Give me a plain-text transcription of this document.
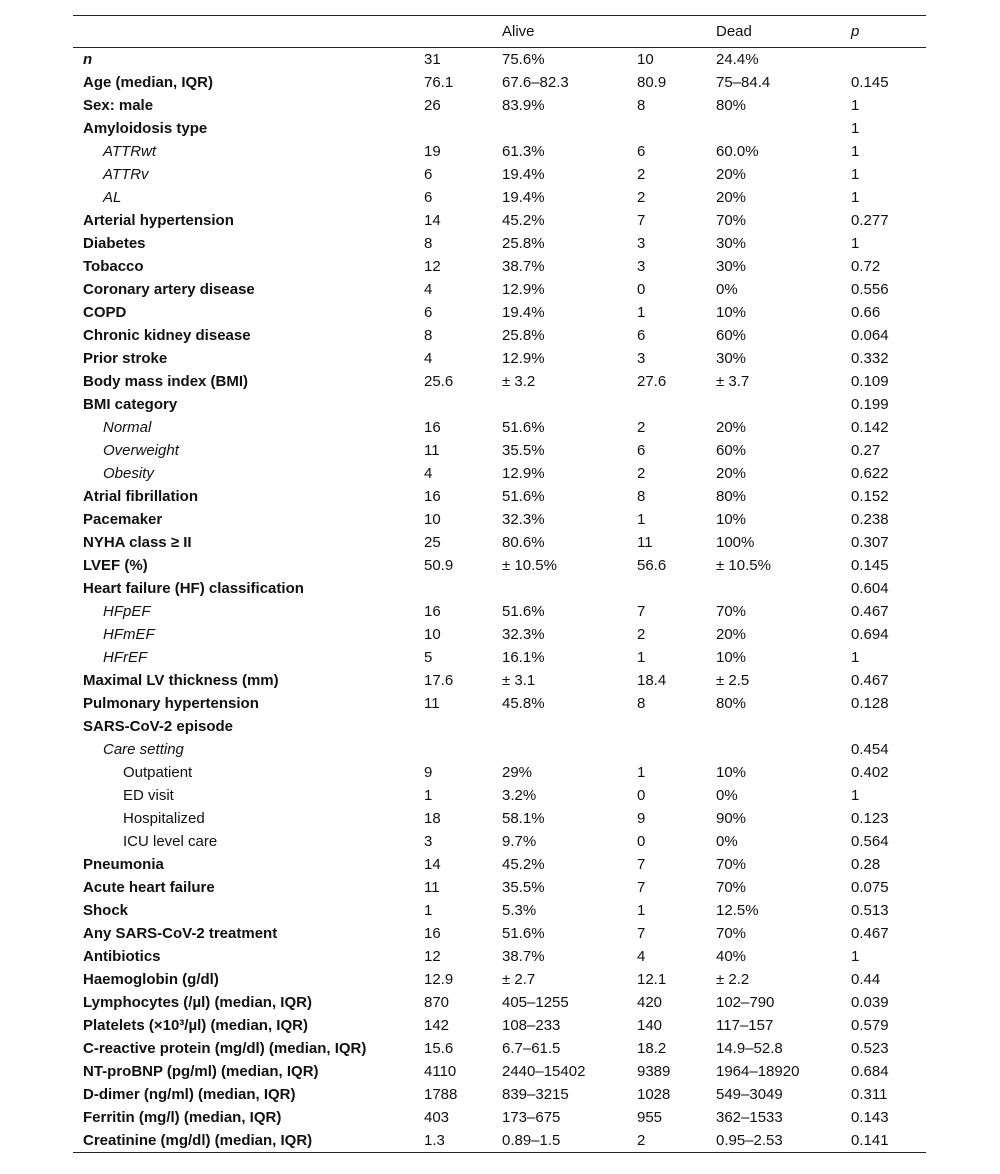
		Alive		Dead	p
n	31	75.6%	10	24.4%	
Age (median, IQR)	76.1	67.6–82.3	80.9	75–84.4	0.145
Sex: male	26	83.9%	8	80%	1
Amyloidosis type					1
ATTRwt	19	61.3%	6	60.0%	1
ATTRv	6	19.4%	2	20%	1
AL	6	19.4%	2	20%	1
Arterial hypertension	14	45.2%	7	70%	0.277
Diabetes	8	25.8%	3	30%	1
Tobacco	12	38.7%	3	30%	0.72
Coronary artery disease	4	12.9%	0	0%	0.556
COPD	6	19.4%	1	10%	0.66
Chronic kidney disease	8	25.8%	6	60%	0.064
Prior stroke	4	12.9%	3	30%	0.332
Body mass index (BMI)	25.6	± 3.2	27.6	± 3.7	0.109
BMI category					0.199
Normal	16	51.6%	2	20%	0.142
Overweight	11	35.5%	6	60%	0.27
Obesity	4	12.9%	2	20%	0.622
Atrial fibrillation	16	51.6%	8	80%	0.152
Pacemaker	10	32.3%	1	10%	0.238
NYHA class ≥ II	25	80.6%	11	100%	0.307
LVEF (%)	50.9	± 10.5%	56.6	± 10.5%	0.145
Heart failure (HF) classification					0.604
HFpEF	16	51.6%	7	70%	0.467
HFmEF	10	32.3%	2	20%	0.694
HFrEF	5	16.1%	1	10%	1
Maximal LV thickness (mm)	17.6	± 3.1	18.4	± 2.5	0.467
Pulmonary hypertension	11	45.8%	8	80%	0.128
SARS-CoV-2 episode					
Care setting					0.454
Outpatient	9	29%	1	10%	0.402
ED visit	1	3.2%	0	0%	1
Hospitalized	18	58.1%	9	90%	0.123
ICU level care	3	9.7%	0	0%	0.564
Pneumonia	14	45.2%	7	70%	0.28
Acute heart failure	11	35.5%	7	70%	0.075
Shock	1	5.3%	1	12.5%	0.513
Any SARS-CoV-2 treatment	16	51.6%	7	70%	0.467
Antibiotics	12	38.7%	4	40%	1
Haemoglobin (g/dl)	12.9	± 2.7	12.1	± 2.2	0.44
Lymphocytes (/µl) (median, IQR)	870	405–1255	420	102–790	0.039
Platelets (×10³/µl) (median, IQR)	142	108–233	140	117–157	0.579
C-reactive protein (mg/dl) (median, IQR)	15.6	6.7–61.5	18.2	14.9–52.8	0.523
NT-proBNP (pg/ml) (median, IQR)	4110	2440–15402	9389	1964–18920	0.684
D-dimer (ng/ml) (median, IQR)	1788	839–3215	1028	549–3049	0.311
Ferritin (mg/l) (median, IQR)	403	173–675	955	362–1533	0.143
Creatinine (mg/dl) (median, IQR)	1.3	0.89–1.5	2	0.95–2.53	0.141
